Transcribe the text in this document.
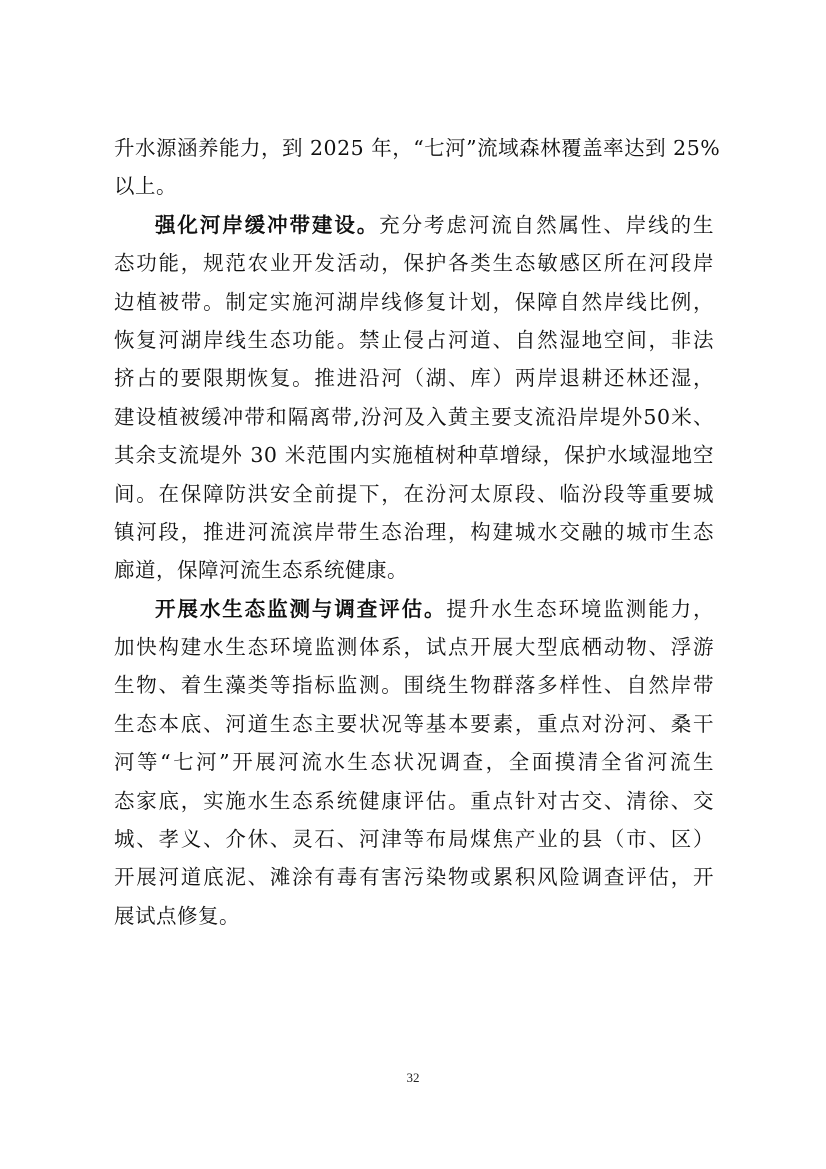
升水源涵养能力，到 2025 年，“七河”流域森林覆盖率达到 25%
以上。
强化河岸缓冲带建设。充分考虑河流自然属性、岸线的生
态功能，规范农业开发活动，保护各类生态敏感区所在河段岸
边植被带。制定实施河湖岸线修复计划，保障自然岸线比例，
恢复河湖岸线生态功能。禁止侵占河道、自然湿地空间，非法
挤占的要限期恢复。推进沿河（湖、库）两岸退耕还林还湿，
建设植被缓冲带和隔离带,汾河及入黄主要支流沿岸堤外50米、
其余支流堤外 30 米范围内实施植树种草增绿，保护水域湿地空
间。在保障防洪安全前提下，在汾河太原段、临汾段等重要城
镇河段，推进河流滨岸带生态治理，构建城水交融的城市生态
廊道，保障河流生态系统健康。
开展水生态监测与调查评估。提升水生态环境监测能力，
加快构建水生态环境监测体系，试点开展大型底栖动物、浮游
生物、着生藻类等指标监测。围绕生物群落多样性、自然岸带
生态本底、河道生态主要状况等基本要素，重点对汾河、桑干
河等“七河”开展河流水生态状况调查，全面摸清全省河流生
态家底，实施水生态系统健康评估。重点针对古交、清徐、交
城、孝义、介休、灵石、河津等布局煤焦产业的县（市、区）
开展河道底泥、滩涂有毒有害污染物或累积风险调查评估，开
展试点修复。
32
